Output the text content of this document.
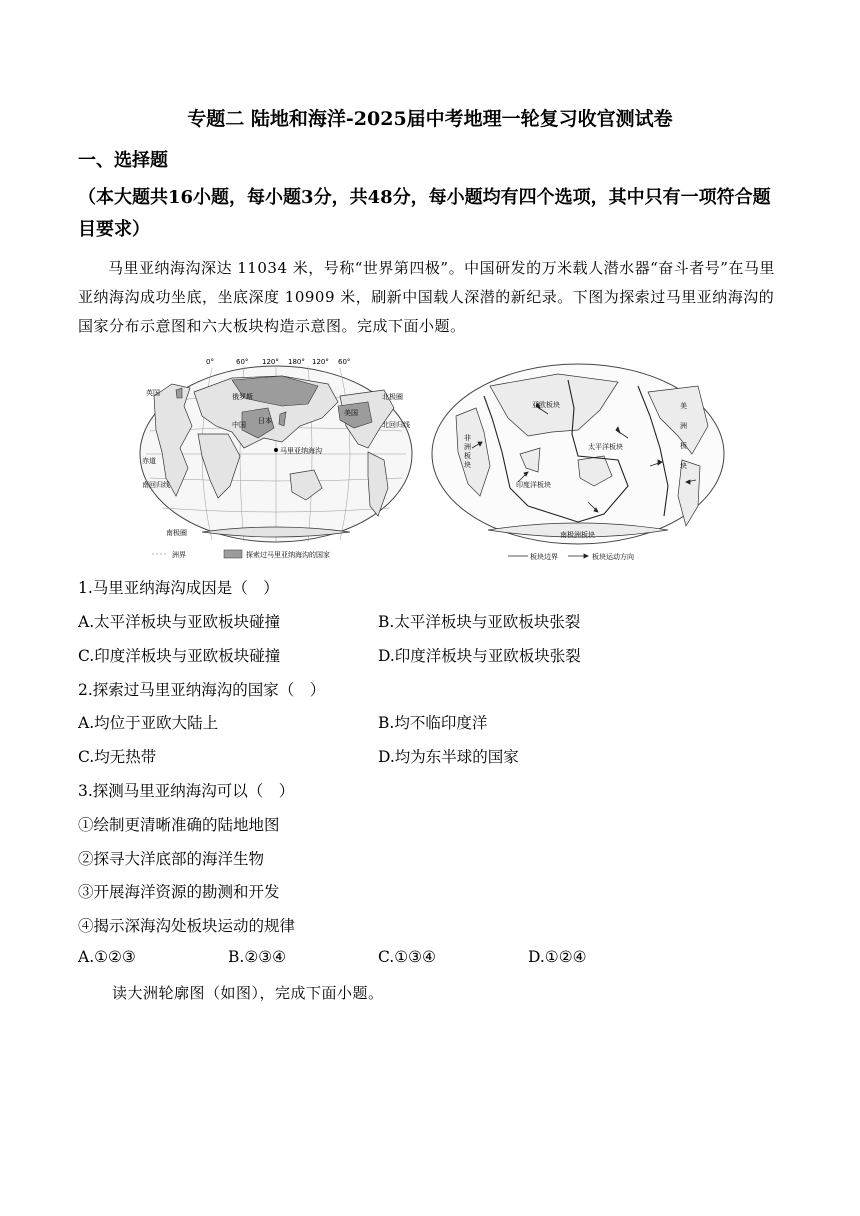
专题二 陆地和海洋-2025届中考地理一轮复习收官测试卷
一、选择题
（本大题共16小题，每小题3分，共48分，每小题均有四个选项，其中只有一项符合题目要求）
马里亚纳海沟深达 11034 米，号称“世界第四极”。中国研发的万米载人潜水器“奋斗者号”在马里亚纳海沟成功坐底，坐底深度 10909 米，刷新中国载人深潜的新纪录。下图为探索过马里亚纳海沟的国家分布示意图和六大板块构造示意图。完成下面小题。
0°	60° 120° 180° 120° 60°
英国	俄罗斯
美国
中国 日本
马里亚纳海沟
赤道
北回归线
南回归线
北极圈
南极圈
洲界	探索过马里亚纳海沟的国家
亚欧板块
非洲板块
太平洋板块
印度洋板块
南极洲板块
美洲板块
板块边界	板块运动方向
1.马里亚纳海沟成因是（　）
A.太平洋板块与亚欧板块碰撞	B.太平洋板块与亚欧板块张裂
C.印度洋板块与亚欧板块碰撞	D.印度洋板块与亚欧板块张裂
2.探索过马里亚纳海沟的国家（　）
A.均位于亚欧大陆上	B.均不临印度洋
C.均无热带	D.均为东半球的国家
3.探测马里亚纳海沟可以（　）
①绘制更清晰准确的陆地地图
②探寻大洋底部的海洋生物
③开展海洋资源的勘测和开发
④揭示深海沟处板块运动的规律
A.①②③	B.②③④	C.①③④	D.①②④
读大洲轮廓图（如图），完成下面小题。
